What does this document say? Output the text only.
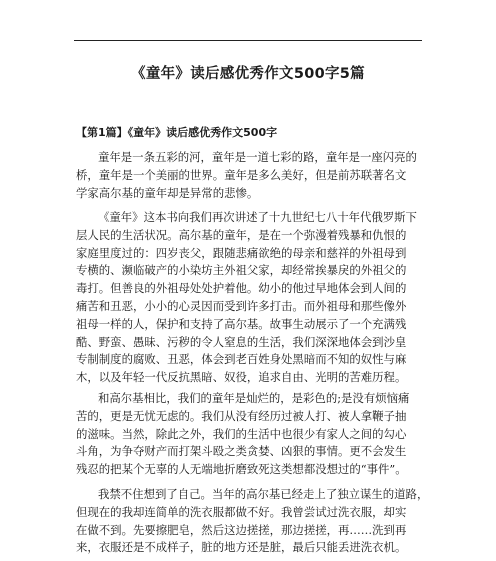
《童年》读后感优秀作文500字5篇
【第1篇】《童年》读后感优秀作文500字
童年是一条五彩的河，童年是一道七彩的路，童年是一座闪亮的
桥，童年是一个美丽的世界。童年是多么美好，但是前苏联著名文
学家高尔基的童年却是异常的悲惨。
《童年》这本书向我们再次讲述了十九世纪七八十年代俄罗斯下
层人民的生活状况。高尔基的童年，是在一个弥漫着残暴和仇恨的
家庭里度过的：四岁丧父，跟随悲痛欲绝的母亲和慈祥的外祖母到
专横的、濒临破产的小染坊主外祖父家，却经常挨暴戾的外祖父的
毒打。但善良的外祖母处处护着他。幼小的他过早地体会到人间的
痛苦和丑恶，小小的心灵因而受到许多打击。而外祖母和那些像外
祖母一样的人，保护和支持了高尔基。故事生动展示了一个充满残
酷、野蛮、愚昧、污秽的令人窒息的生活，我们深深地体会到沙皇
专制制度的腐败、丑恶，体会到老百姓身处黑暗而不知的奴性与麻
木，以及年轻一代反抗黑暗、奴役，追求自由、光明的苦难历程。
和高尔基相比，我们的童年是灿烂的，是彩色的;是没有烦恼痛
苦的，更是无忧无虑的。我们从没有经历过被人打、被人拿鞭子抽
的滋味。当然，除此之外，我们的生活中也很少有家人之间的勾心
斗角，为争夺财产而打架斗殴之类贪婪、凶狠的事情。更不会发生
残忍的把某个无辜的人无端地折磨致死这类想都没想过的“事件”。
我禁不住想到了自己。当年的高尔基已经走上了独立谋生的道路，
但现在的我却连简单的洗衣服都做不好。我曾尝试过洗衣服，却实
在做不到。先要擦肥皂，然后这边搓搓，那边搓搓，再……洗到再
来，衣服还是不成样子，脏的地方还是脏，最后只能丢进洗衣机。
